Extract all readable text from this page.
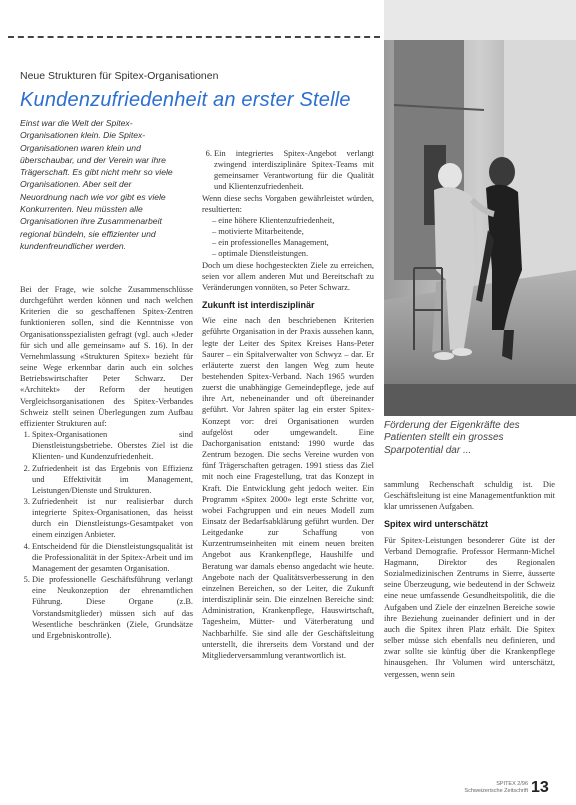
Neue Strukturen für Spitex-Organisationen
Kundenzufriedenheit an erster Stelle

Einst war die Welt der Spitex-Organisationen klein. Die Spitex-Organisationen waren klein und überschaubar, und der Verein war ihre Trägerschaft. Es gibt nicht mehr so viele Organisationen. Aber seit der Neuordnung nach wie vor gibt es viele Konkurrenten. Neu müssten alle Organisationen ihre Zusammenarbeit regional bündeln, sie effizienter und kundenfreundlicher werden.

Bei der Frage, wie solche Zusammenschlüsse durchgeführt werden können und nach welchen Kriterien die so geschaffenen Spitex-Zentren funktionieren sollen, sind die Kenntnisse von Organisationsspezialisten gefragt (vgl. auch «Jeder für sich und alle gemeinsam» auf S. 16). In der Vernehmlassung «Strukturen Spitex» bezieht für seine Wege erkennbar darin auch ein solches Betriebswirtschafter Peter Schwarz. Der «Architekt» der Reform der heutigen Vergleichsorganisationen des Spitex-Verbandes Schweiz stellt seinen Überlegungen zum Aufbau effizienter Strukturen auf:

1. Spitex-Organisationen sind Dienstleistungsbetriebe. Oberstes Ziel ist die Klienten- und Kundenzufriedenheit.
2. Zufriedenheit ist das Ergebnis von Effizienz und Effektivität im Management, Leistungen/Dienste und Strukturen.
3. Zufriedenheit ist nur realisierbar durch integrierte Spitex-Organisationen, das heisst durch ein Dienstleistungs-Gesamtpaket von einem einzigen Anbieter.
4. Entscheidend für die Dienstleistungsqualität ist die Professionalität in der Spitex-Arbeit und im Management der gesamten Organisation.
5. Die professionelle Geschäftsführung verlangt eine Neukonzeption der ehrenamtlichen Führung. Diese Organe (z.B. Vorstandsmitglieder) müssen sich auf das Wesentliche beschränken (Ziele, Grundsätze und Ergebniskontrolle).
6. Ein integriertes Spitex-Angebot verlangt zwingend interdisziplinäre Spitex-Teams mit gemeinsamer Verantwortung für die Qualität und Klientenzufriedenheit.

Wenn diese sechs Vorgaben gewährleistet würden, resultierten:

– eine höhere Klientenzufriedenheit,
– motivierte Mitarbeitende,
– ein professionelles Management,
– optimale Dienstleistungen.

Doch um diese hochgesteckten Ziele zu erreichen, seien vor allem anderen Mut und Bereitschaft zu Veränderungen vonnöten, so Peter Schwarz.

Zukunft ist interdisziplinär

Wie eine nach den beschriebenen Kriterien geführte Organisation in der Praxis aussehen kann, legte der Leiter des Spitex Kreises Hans-Peter Saurer – ein Spitalverwalter von Schwyz – dar. Er erläuterte zuerst den langen Weg zum heute bestehenden Spitex-Verband. Nach 1965 wurden zuerst die unabhängige Gemeindepflege, jede auf ihre Art, nebeneinander und oft übereinander geführt. Vor Jahren später lag ein erster Spitex-Konzept vor: drei Organisationen wurden aufgelöst oder umgewandelt. Eine Dachorganisation entstand: 1990 wurde das Zentrum bezogen. Die sechs Vereine wurden von fünf Trägerschaften getragen. 1991 stiess das Ziel mit noch eine Fragestellung, trat das Konzept in Kraft. Die Entwicklung geht jedoch weiter. Ein Programm «Spitex 2000» legt erste Schritte vor, wobei Fachgruppen und ein neues Modell zum Einsatz der Bedarfsabklärung geführt wurden. Der Leitgedanke zur Schaffung von Kurzentrumseinheiten mit einem neuen breiten Angebot aus Krankenpflege, Haushilfe und Beratung war damals ebenso angedacht wie heute. Angebote nach der Qualitätsverbesserung in den einzelnen Bereichen, so der Leiter, die Zukunft interdisziplinär sein. Die einzelnen Bereiche sind: Administration, Krankenpflege, Hauswirtschaft, Tagesheim, Mütter- und Väterberatung und Nachbarhilfe. Sie sind alle der Geschäftsleitung unterstellt, die ihrerseits dem Vorstand und der Mitgliederversammlung verantwortlich ist.

Förderung der Eigenkräfte des Patienten stellt ein grosses Sparpotential dar ...

sammlung Rechenschaft schuldig ist. Die Geschäftsleitung ist eine Managementfunktion mit klar umrissenen Aufgaben.

Spitex wird unterschätzt

Für Spitex-Leistungen besonderer Güte ist der Verband Demografie. Professor Hermann-Michel Hagmann, Direktor des Regionalen Sozialmedizinischen Zentrums in Sierre, äusserte seine Überzeugung, wie bedeutend in der Schweiz eine neue umfassende Gesundheitspolitik, die die Aufgaben und Ziele der einzelnen Bereiche sowie ihre Beziehung zueinander definiert und in der auch die Spitex ihren Platz erhält. Die Spitex selber müsse sich ebenfalls neu definieren, und zwar sollte sie künftig über die Krankenpflege hinausgehen. Ihr Volumen wird unterschätzt, vergessen, wenn sein

SPITEX 2/96
Schweizerische Zeitschrift 13
